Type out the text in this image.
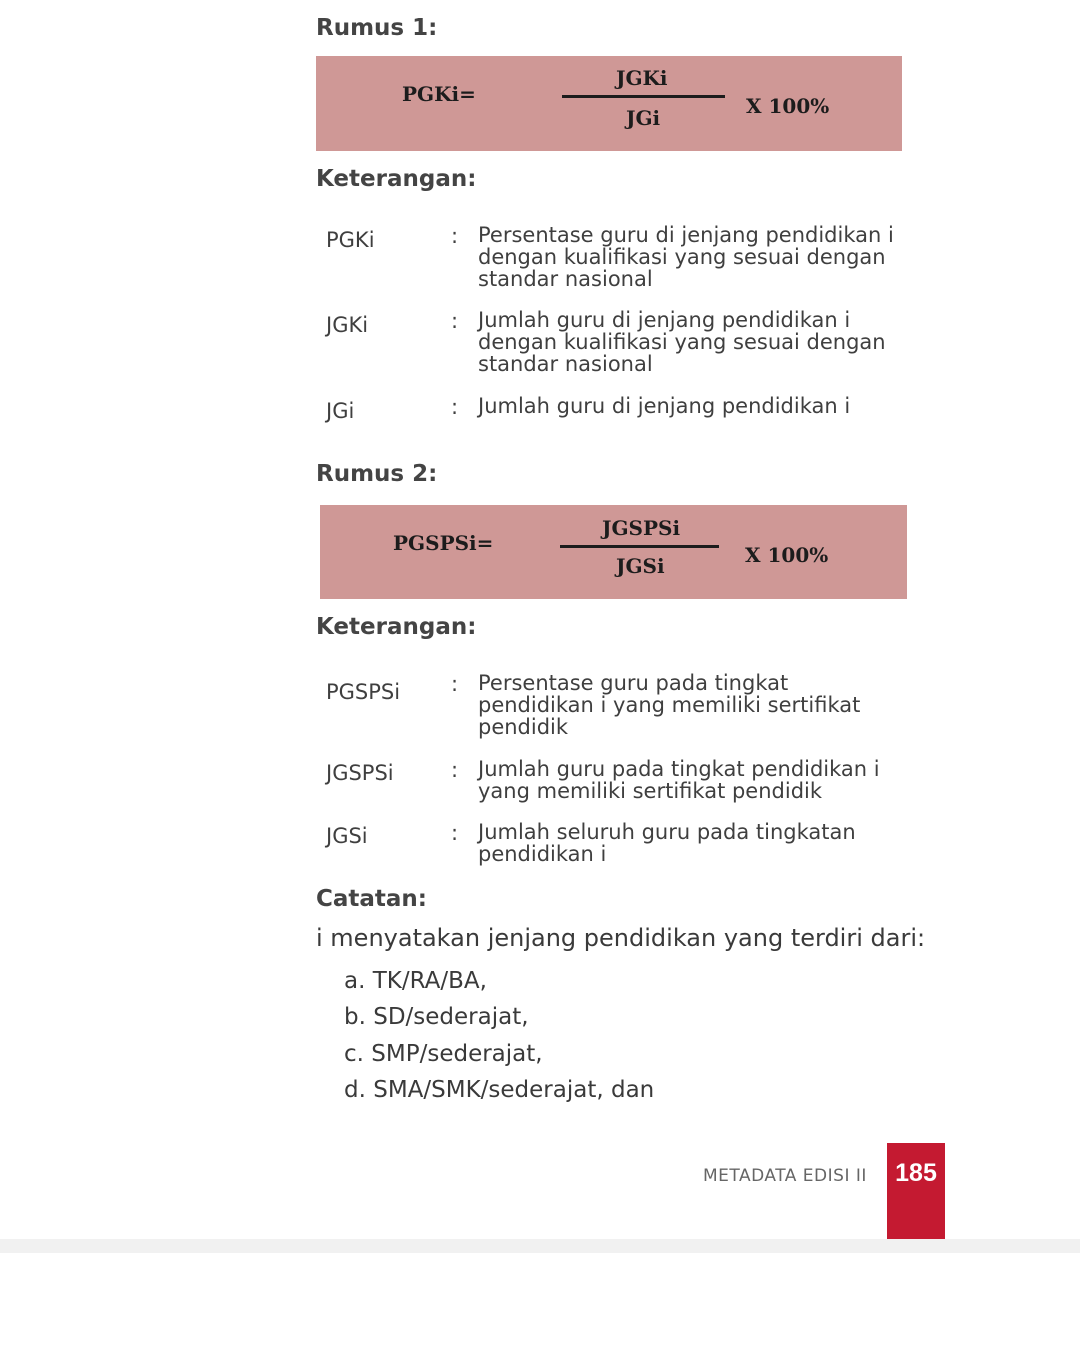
Rumus 1:
PGKi=
JGKi
JGi	X 100%
Keterangan:
PGKi	: Persentase guru di jenjang pendidikan i
dengan kualifikasi yang sesuai dengan
standar nasional
JGKi	: Jumlah guru di jenjang pendidikan i
dengan kualifikasi yang sesuai dengan
standar nasional
JGi	: Jumlah guru di jenjang pendidikan i
Rumus 2:
PGSPSi=
JGSPSi
JGSi	X 100%
Keterangan:
PGSPSi : Persentase guru pada tingkat
pendidikan i yang memiliki sertifikat
pendidik
JGSPSi	: Jumlah guru pada tingkat pendidikan i
yang memiliki sertifikat pendidik
JGSi	: Jumlah seluruh guru pada tingkatan
pendidikan i
Catatan:
i menyatakan jenjang pendidikan yang terdiri dari:
a. TK/RA/BA,
b. SD/sederajat,
c. SMP/sederajat,
d. SMA/SMK/sederajat, dan
METADATA EDISI II	185
